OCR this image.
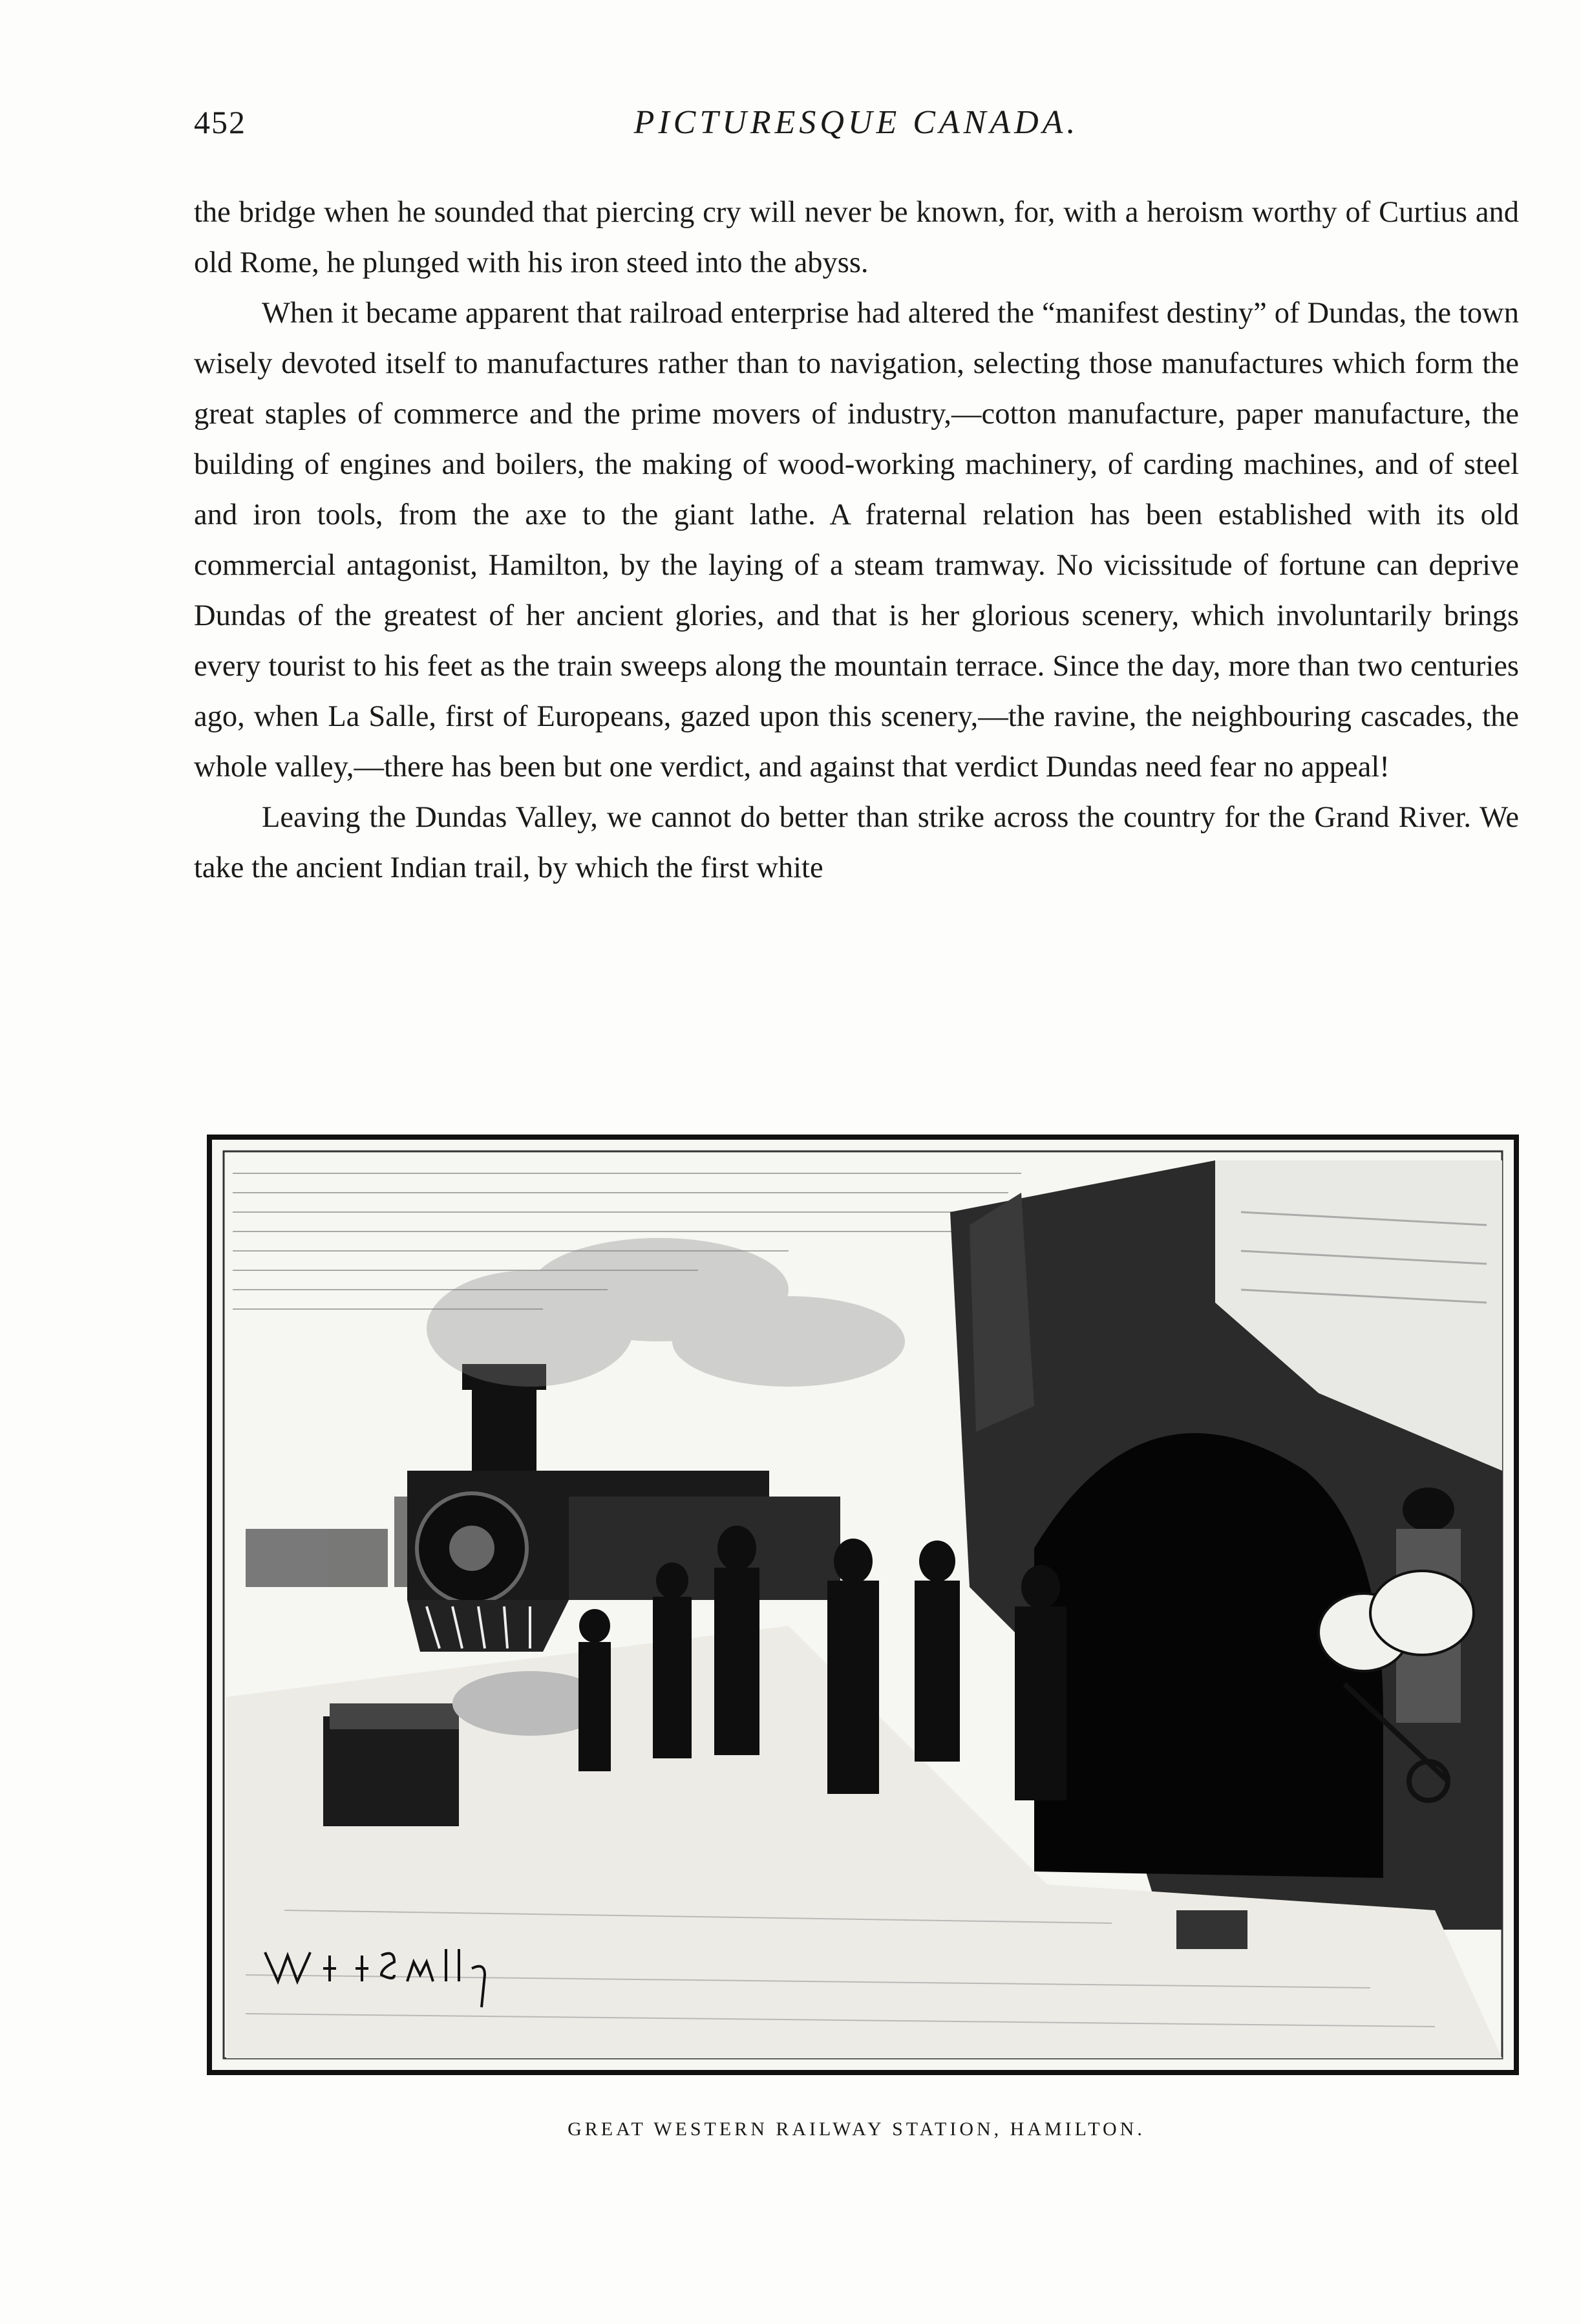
452	PICTURESQUE CANADA.

the bridge when he sounded that piercing cry will never be known, for, with a heroism worthy of Curtius and old Rome, he plunged with his iron steed into the abyss.

When it became apparent that railroad enterprise had altered the “manifest destiny” of Dundas, the town wisely devoted itself to manufactures rather than to navigation, selecting those manufactures which form the great staples of commerce and the prime movers of industry,—cotton manufacture, paper manufacture, the building of engines and boilers, the making of wood-working machinery, of carding machines, and of steel and iron tools, from the axe to the giant lathe. A fraternal relation has been established with its old commercial antagonist, Hamilton, by the laying of a steam tramway. No vicissitude of fortune can deprive Dundas of the greatest of her ancient glories, and that is her glorious scenery, which involuntarily brings every tourist to his feet as the train sweeps along the mountain terrace. Since the day, more than two centuries ago, when La Salle, first of Europeans, gazed upon this scenery,—the ravine, the neighbouring cascades, the whole valley,—there has been but one verdict, and against that verdict Dundas need fear no appeal!

Leaving the Dundas Valley, we cannot do better than strike across the country for the Grand River. We take the ancient Indian trail, by which the first white

GREAT WESTERN RAILWAY STATION, HAMILTON.
